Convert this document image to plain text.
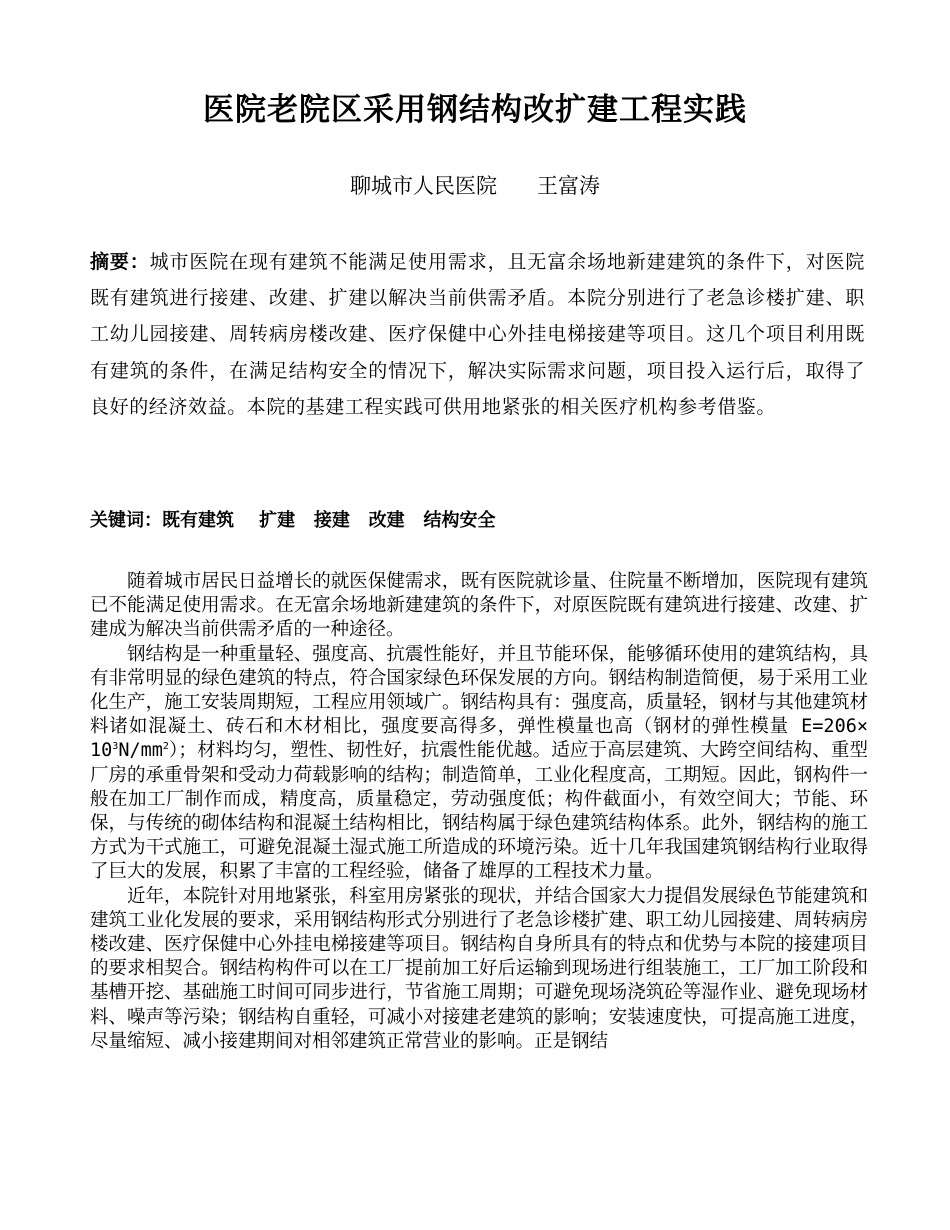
医院老院区采用钢结构改扩建工程实践
聊城市人民医院      王富涛
摘要：城市医院在现有建筑不能满足使用需求，且无富余场地新建建筑的条件下，对医院既有建筑进行接建、改建、扩建以解决当前供需矛盾。本院分别进行了老急诊楼扩建、职工幼儿园接建、周转病房楼改建、医疗保健中心外挂电梯接建等项目。这几个项目利用既有建筑的条件，在满足结构安全的情况下，解决实际需求问题，项目投入运行后，取得了良好的经济效益。本院的基建工程实践可供用地紧张的相关医疗机构参考借鉴。
关键词：既有建筑    扩建   接建   改建   结构安全

随着城市居民日益增长的就医保健需求，既有医院就诊量、住院量不断增加，医院现有建筑已不能满足使用需求。在无富余场地新建建筑的条件下，对原医院既有建筑进行接建、改建、扩建成为解决当前供需矛盾的一种途径。

钢结构是一种重量轻、强度高、抗震性能好，并且节能环保，能够循环使用的建筑结构，具有非常明显的绿色建筑的特点，符合国家绿色环保发展的方向。钢结构制造简便，易于采用工业化生产，施工安装周期短，工程应用领域广。钢结构具有：强度高，质量轻，钢材与其他建筑材料诸如混凝土、砖石和木材相比，强度要高得多，弹性模量也高（钢材的弹性模量 $E=206\times 10^3N/mm^2$）；材料均匀，塑性、韧性好，抗震性能优越。适应于高层建筑、大跨空间结构、重型厂房的承重骨架和受动力荷载影响的结构；制造简单，工业化程度高，工期短。因此，钢构件一般在加工厂制作而成，精度高，质量稳定，劳动强度低；构件截面小，有效空间大；节能、环保，与传统的砌体结构和混凝土结构相比，钢结构属于绿色建筑结构体系。此外，钢结构的施工方式为干式施工，可避免混凝土湿式施工所造成的环境污染。近十几年我国建筑钢结构行业取得了巨大的发展，积累了丰富的工程经验，储备了雄厚的工程技术力量。

近年，本院针对用地紧张，科室用房紧张的现状，并结合国家大力提倡发展绿色节能建筑和建筑工业化发展的要求，采用钢结构形式分别进行了老急诊楼扩建、职工幼儿园接建、周转病房楼改建、医疗保健中心外挂电梯接建等项目。钢结构自身所具有的特点和优势与本院的接建项目的要求相契合。钢结构构件可以在工厂提前加工好后运输到现场进行组装施工，工厂加工阶段和基槽开挖、基础施工时间可同步进行，节省施工周期；可避免现场浇筑砼等湿作业、避免现场材料、噪声等污染；钢结构自重轻，可减小对接建老建筑的影响；安装速度快，可提高施工进度，尽量缩短、减小接建期间对相邻建筑正常营业的影响。正是钢结
